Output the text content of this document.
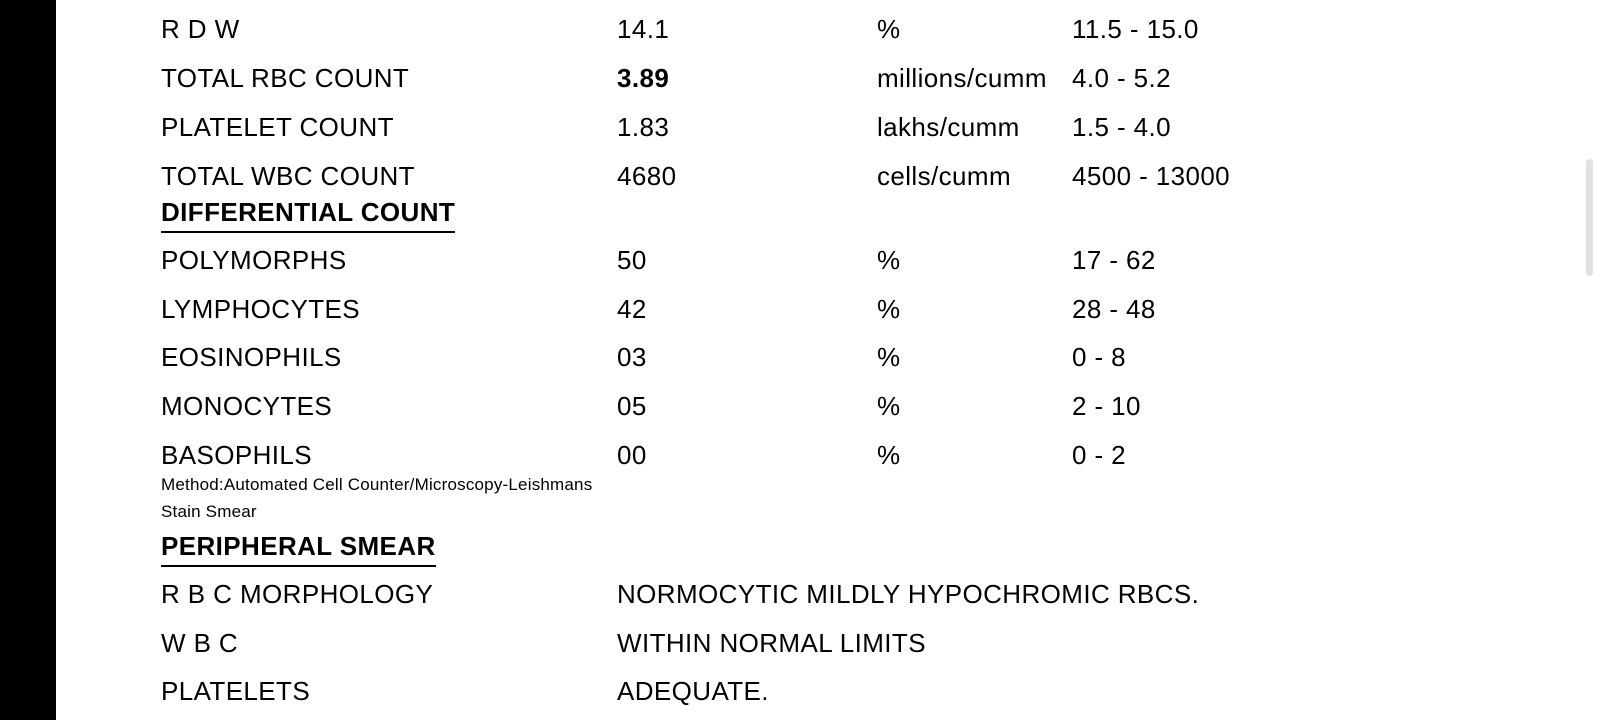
R D W	14.1	%	11.5 - 15.0
TOTAL RBC COUNT	3.89	millions/cumm 4.0 - 5.2
PLATELET COUNT	1.83	lakhs/cumm 1.5 - 4.0
TOTAL WBC COUNT	4680	cells/cumm 4500 - 13000
DIFFERENTIAL COUNT
POLYMORPHS	50	%	17 - 62
LYMPHOCYTES	42	%	28 - 48
EOSINOPHILS	03	%	0 - 8
MONOCYTES	05	%	2 - 10
BASOPHILS	00	%	0 - 2
Method:Automated Cell Counter/Microscopy-Leishmans
Stain Smear
PERIPHERAL SMEAR
R B C MORPHOLOGY	NORMOCYTIC MILDLY HYPOCHROMIC RBCS.
W B C	WITHIN NORMAL LIMITS
PLATELETS	ADEQUATE.
